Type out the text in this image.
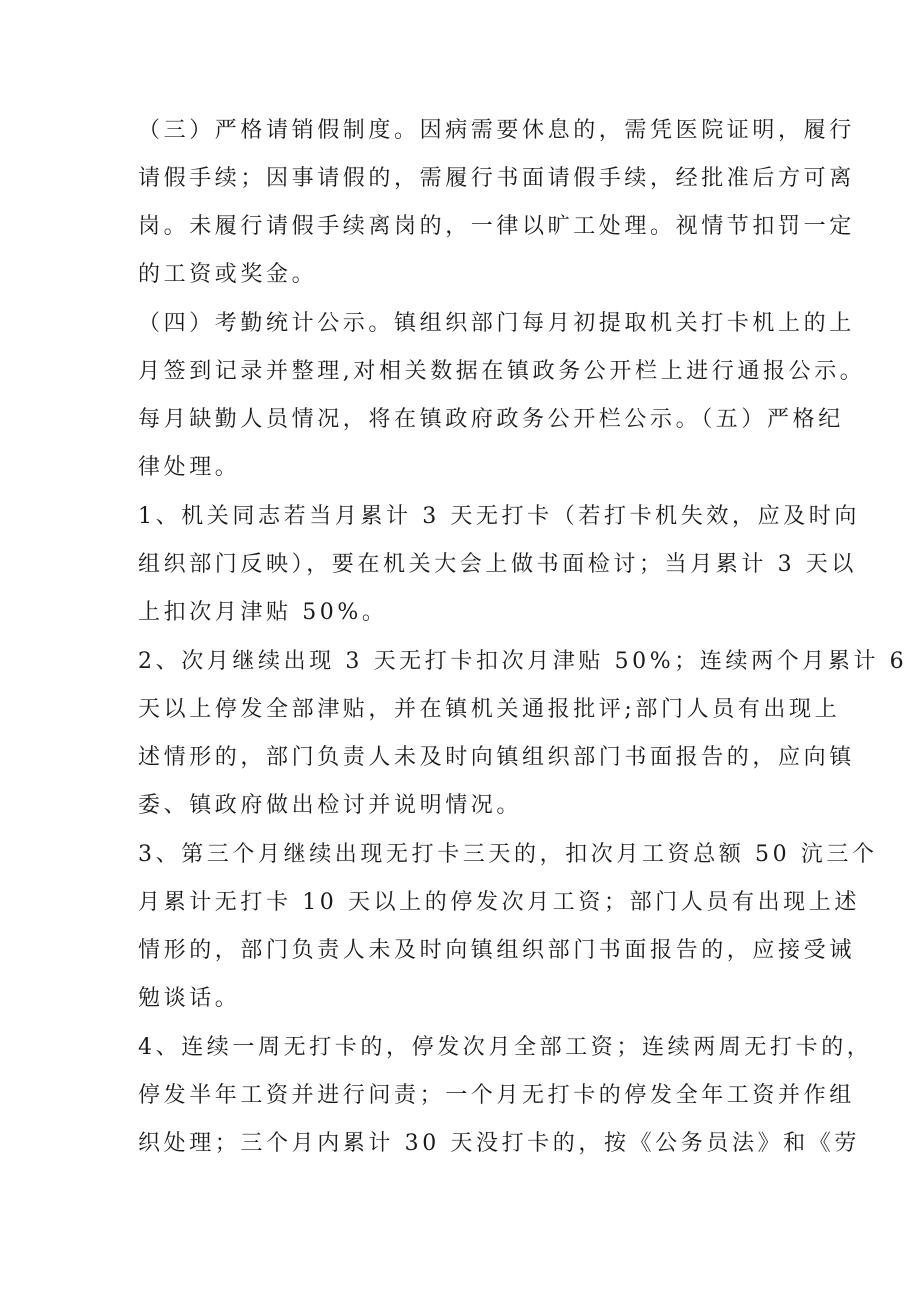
（三）严格请销假制度。因病需要休息的，需凭医院证明，履行
请假手续；因事请假的，需履行书面请假手续，经批准后方可离
岗。未履行请假手续离岗的，一律以旷工处理。视情节扣罚一定
的工资或奖金。
（四）考勤统计公示。镇组织部门每月初提取机关打卡机上的上
月签到记录并整理,对相关数据在镇政务公开栏上进行通报公示。
每月缺勤人员情况，将在镇政府政务公开栏公示。（五）严格纪
律处理。
1、机关同志若当月累计 3 天无打卡（若打卡机失效，应及时向
组织部门反映），要在机关大会上做书面检讨；当月累计 3 天以
上扣次月津贴 50%。
2、次月继续出现 3 天无打卡扣次月津贴 50%；连续两个月累计 6
天以上停发全部津贴，并在镇机关通报批评;部门人员有出现上
述情形的，部门负责人未及时向镇组织部门书面报告的，应向镇
委、镇政府做出检讨并说明情况。
3、第三个月继续出现无打卡三天的，扣次月工资总额 50 沆三个
月累计无打卡 10 天以上的停发次月工资；部门人员有出现上述
情形的，部门负责人未及时向镇组织部门书面报告的，应接受诫
勉谈话。
4、连续一周无打卡的，停发次月全部工资；连续两周无打卡的，
停发半年工资并进行问责；一个月无打卡的停发全年工资并作组
织处理；三个月内累计 30 天没打卡的，按《公务员法》和《劳
